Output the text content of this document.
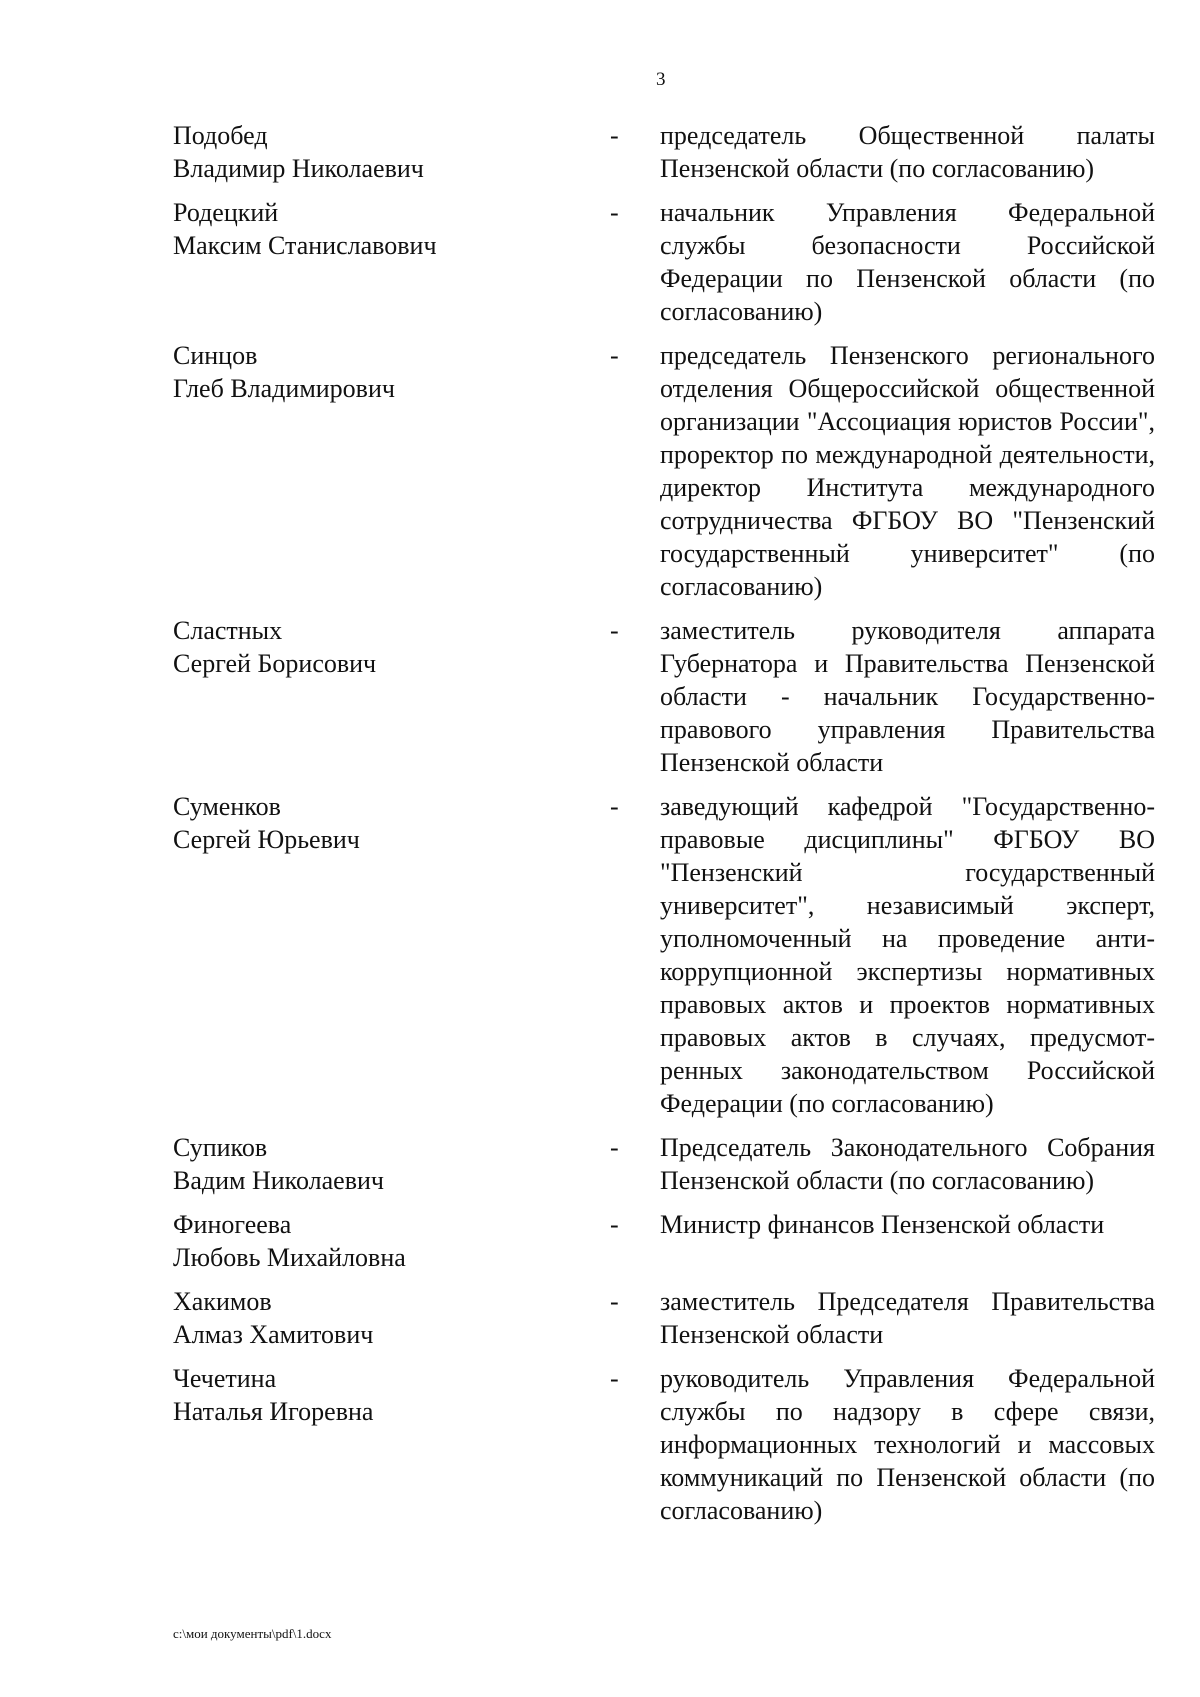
3
Подобед
Владимир Николаевич
-	председатель Общественной палаты Пензенской области (по согласованию)
Родецкий
Максим Станиславович
-	начальник Управления Федеральной службы безопасности Российской Федерации по Пензенской области (по согласованию)
Синцов
Глеб Владимирович
-	председатель Пензенского регионального отделения Общероссийской общественной организации "Ассоциация юристов России", проректор по международной деятельности, директор Института международного сотрудничества ФГБОУ ВО "Пензенский государственный университет" (по согласованию)
Сластных
Сергей Борисович
-	заместитель руководителя аппарата Губернатора и Правительства Пензенской области - начальник Государственно-правового управления Правительства Пензенской области
Суменков
Сергей Юрьевич
-	заведующий кафедрой "Государственно-правовые дисциплины" ФГБОУ ВО "Пензенский государственный университет", независимый эксперт, уполномоченный на проведение анти-коррупционной экспертизы нормативных правовых актов и проектов нормативных правовых актов в случаях, предусмот-ренных законодательством Российской Федерации (по согласованию)
Супиков
Вадим Николаевич
-	Председатель Законодательного Собрания Пензенской области (по согласованию)
Финогеева
Любовь Михайловна
-	Министр финансов Пензенской области
Хакимов
Алмаз Хамитович
-	заместитель Председателя Правительства Пензенской области
Чечетина
Наталья Игоревна
-	руководитель Управления Федеральной службы по надзору в сфере связи, информационных технологий и массовых коммуникаций по Пензенской области (по согласованию)
c:\мои документы\pdf\1.docx
